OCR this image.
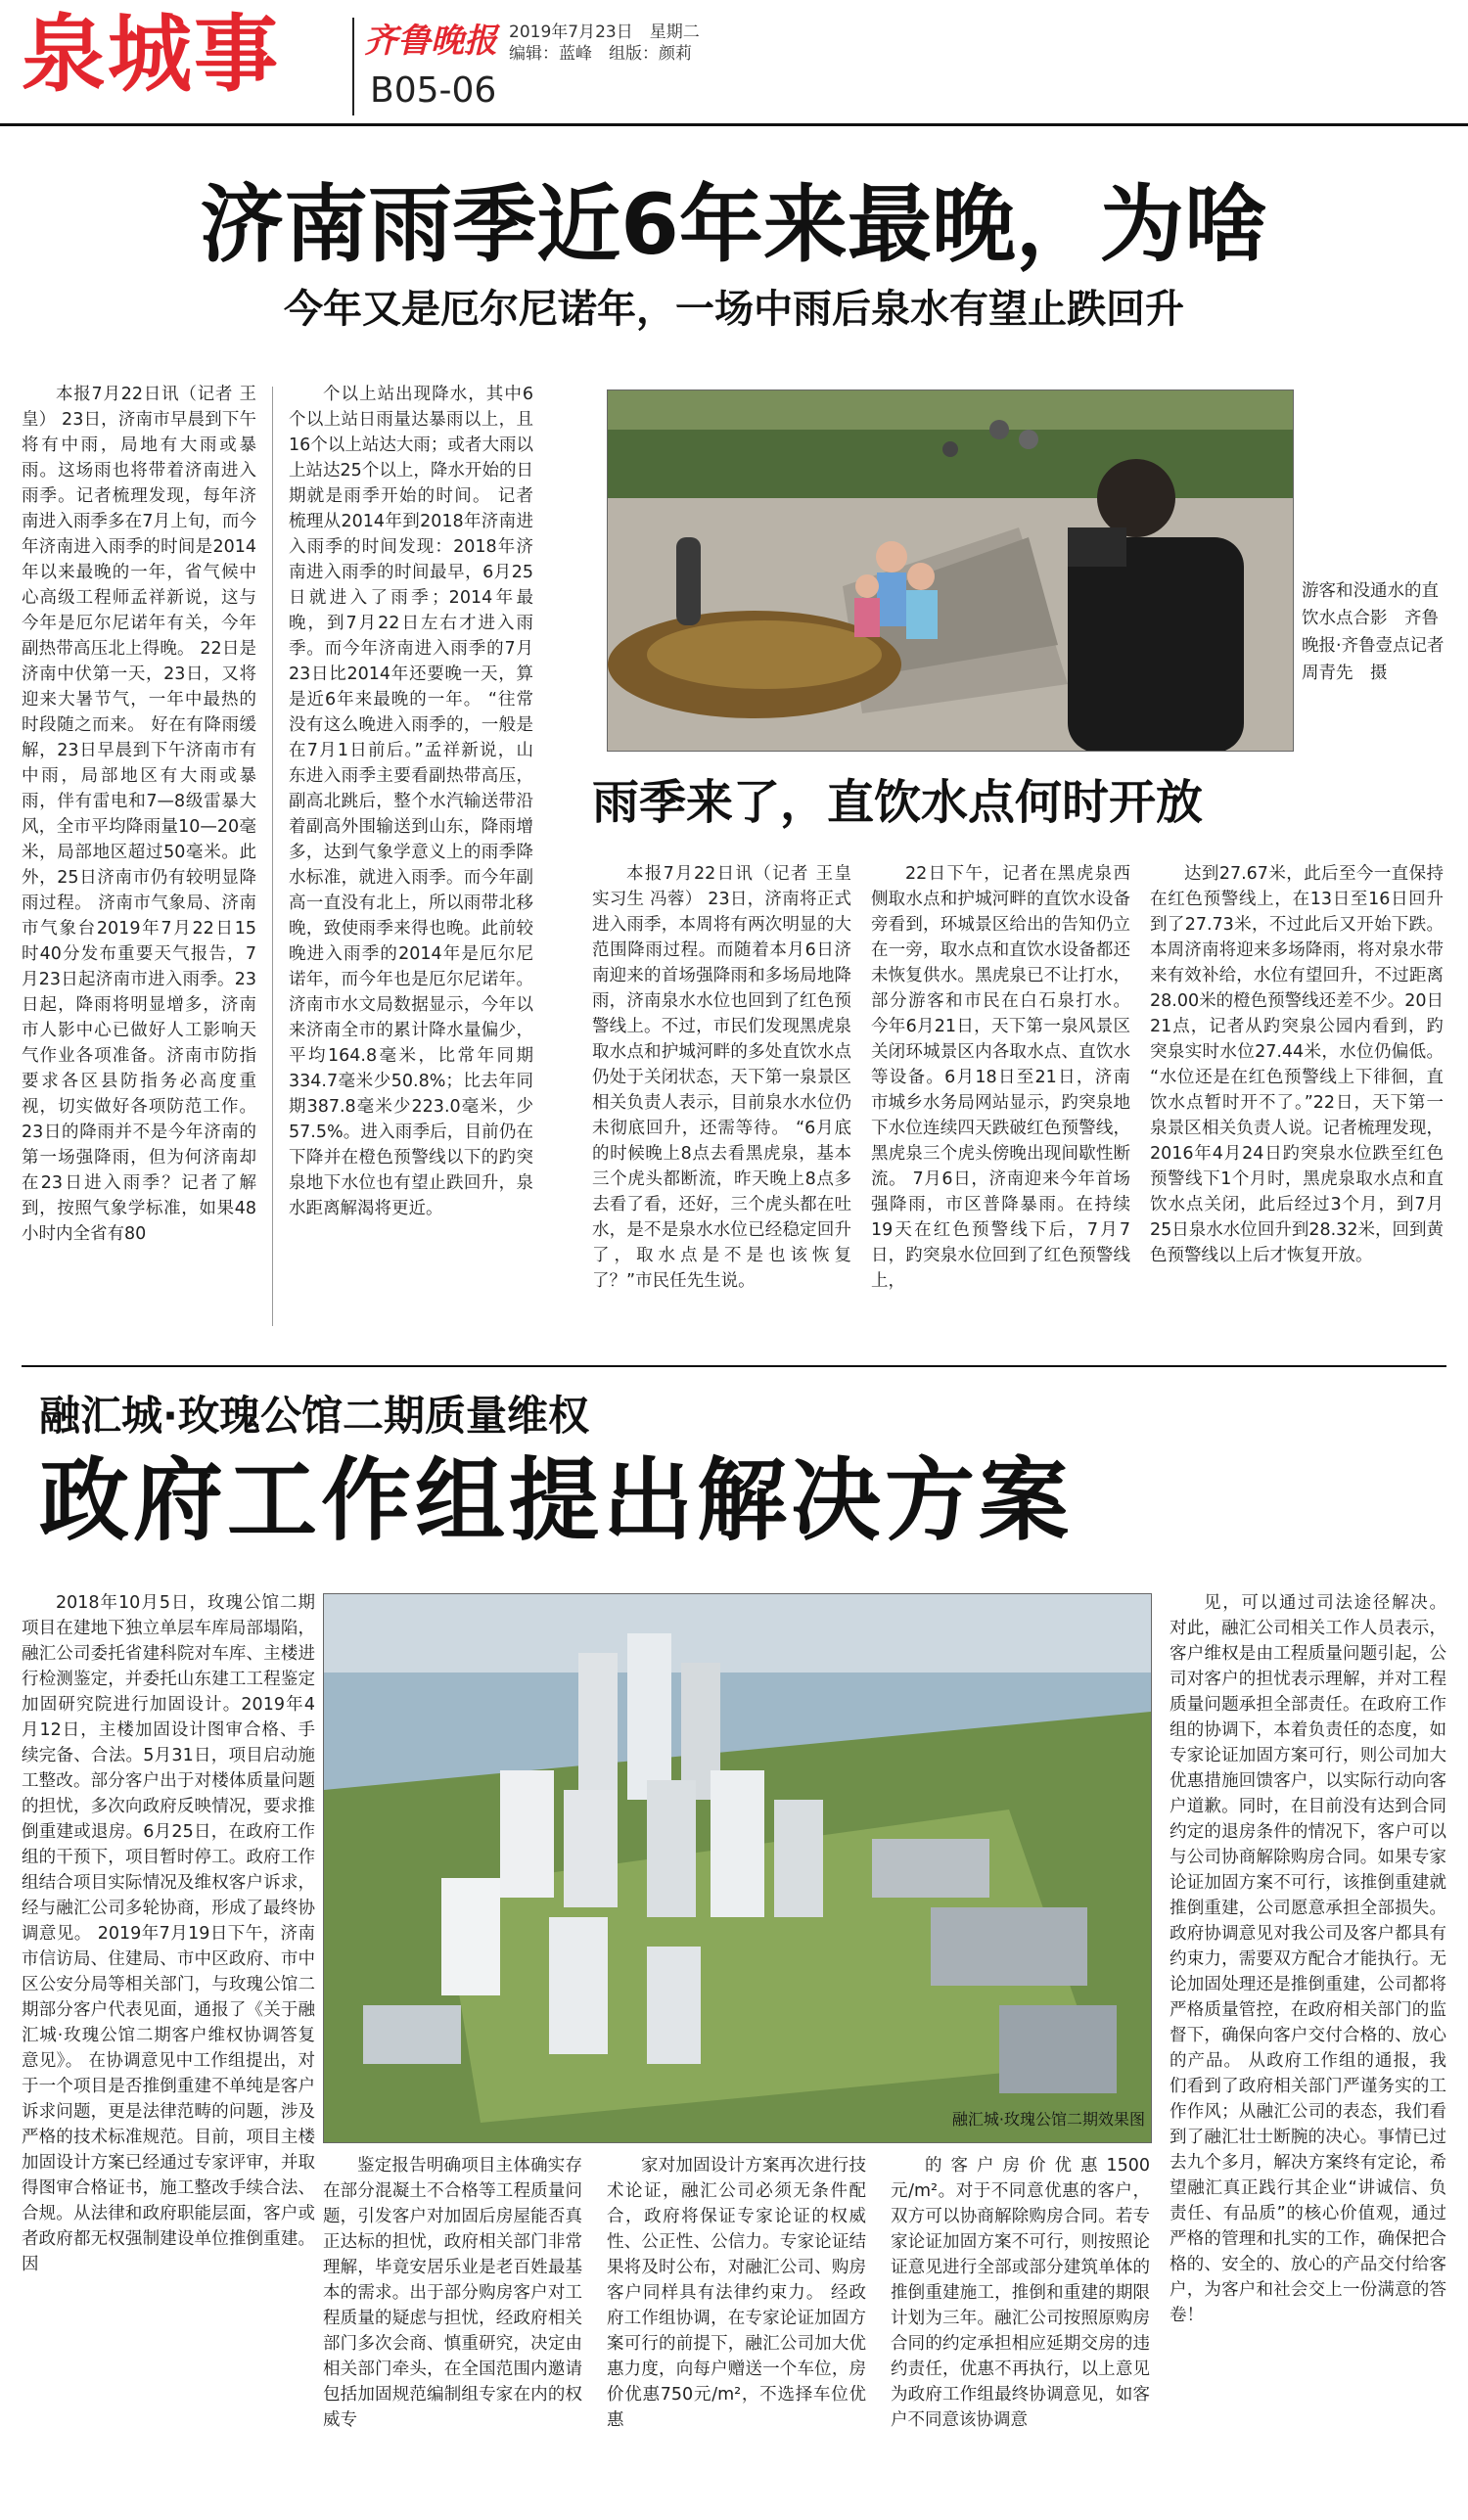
泉城事	齐鲁晚报 2019年7月23日　星期二
编辑：蓝峰　组版：颜莉
B05-06
济南雨季近6年来最晚，为啥
今年又是厄尔尼诺年，一场中雨后泉水有望止跌回升

本报7月22日讯（记者 王皇） 23日，济南市早晨到下午将有中雨，局地有大雨或暴雨。这场雨也将带着济南进入雨季。记者梳理发现，每年济南进入雨季多在7月上旬，而今年济南进入雨季的时间是2014年以来最晚的一年，省气候中心高级工程师孟祥新说，这与今年是厄尔尼诺年有关，今年副热带高压北上得晚。 22日是济南中伏第一天，23日，又将迎来大暑节气，一年中最热的时段随之而来。 好在有降雨缓解，23日早晨到下午济南市有中雨，局部地区有大雨或暴雨，伴有雷电和7—8级雷暴大风，全市平均降雨量10—20毫米，局部地区超过50毫米。此外，25日济南市仍有较明显降雨过程。 济南市气象局、济南市气象台2019年7月22日15时40分发布重要天气报告，7月23日起济南市进入雨季。23日起，降雨将明显增多，济南市人影中心已做好人工影响天气作业各项准备。济南市防指要求各区县防指务必高度重视，切实做好各项防范工作。 23日的降雨并不是今年济南的第一场强降雨，但为何济南却在23日进入雨季？记者了解到，按照气象学标准，如果48小时内全省有80

个以上站出现降水，其中6个以上站日雨量达暴雨以上，且16个以上站达大雨；或者大雨以上站达25个以上，降水开始的日期就是雨季开始的时间。 记者梳理从2014年到2018年济南进入雨季的时间发现：2018年济南进入雨季的时间最早，6月25日就进入了雨季；2014年最晚，到7月22日左右才进入雨季。而今年济南进入雨季的7月23日比2014年还要晚一天，算是近6年来最晚的一年。 “往常没有这么晚进入雨季的，一般是在7月1日前后。”孟祥新说，山东进入雨季主要看副热带高压，副高北跳后，整个水汽输送带沿着副高外围输送到山东，降雨增多，达到气象学意义上的雨季降水标准，就进入雨季。而今年副高一直没有北上，所以雨带北移晚，致使雨季来得也晚。此前较晚进入雨季的2014年是厄尔尼诺年，而今年也是厄尔尼诺年。 济南市水文局数据显示，今年以来济南全市的累计降水量偏少，平均164.8毫米，比常年同期334.7毫米少50.8%；比去年同期387.8毫米少223.0毫米，少57.5%。进入雨季后，目前仍在下降并在橙色预警线以下的趵突泉地下水位也有望止跌回升，泉水距离解渴将更近。

游客和没通水的直饮水点合影　齐鲁晚报·齐鲁壹点记者 周青先　摄
雨季来了，直饮水点何时开放

本报7月22日讯（记者 王皇 实习生 冯蓉） 23日，济南将正式进入雨季，本周将有两次明显的大范围降雨过程。而随着本月6日济南迎来的首场强降雨和多场局地降雨，济南泉水水位也回到了红色预警线上。不过，市民们发现黑虎泉取水点和护城河畔的多处直饮水点仍处于关闭状态，天下第一泉景区相关负责人表示，目前泉水水位仍未彻底回升，还需等待。 “6月底的时候晚上8点去看黑虎泉，基本三个虎头都断流，昨天晚上8点多去看了看，还好，三个虎头都在吐水，是不是泉水水位已经稳定回升了，取水点是不是也该恢复了？”市民任先生说。

22日下午，记者在黑虎泉西侧取水点和护城河畔的直饮水设备旁看到，环城景区给出的告知仍立在一旁，取水点和直饮水设备都还未恢复供水。黑虎泉已不让打水，部分游客和市民在白石泉打水。 今年6月21日，天下第一泉风景区关闭环城景区内各取水点、直饮水等设备。6月18日至21日，济南市城乡水务局网站显示，趵突泉地下水位连续四天跌破红色预警线，黑虎泉三个虎头傍晚出现间歇性断流。 7月6日，济南迎来今年首场强降雨，市区普降暴雨。在持续19天在红色预警线下后，7月7日，趵突泉水位回到了红色预警线上，

达到27.67米，此后至今一直保持在红色预警线上，在13日至16日回升到了27.73米，不过此后又开始下跌。本周济南将迎来多场降雨，将对泉水带来有效补给，水位有望回升，不过距离28.00米的橙色预警线还差不少。20日21点，记者从趵突泉公园内看到，趵突泉实时水位27.44米，水位仍偏低。 “水位还是在红色预警线上下徘徊，直饮水点暂时开不了。”22日，天下第一泉景区相关负责人说。记者梳理发现，2016年4月24日趵突泉水位跌至红色预警线下1个月时，黑虎泉取水点和直饮水点关闭，此后经过3个月，到7月25日泉水水位回升到28.32米，回到黄色预警线以上后才恢复开放。

融汇城·玫瑰公馆二期质量维权
政府工作组提出解决方案

2018年10月5日，玫瑰公馆二期项目在建地下独立单层车库局部塌陷，融汇公司委托省建科院对车库、主楼进行检测鉴定，并委托山东建工工程鉴定加固研究院进行加固设计。2019年4月12日，主楼加固设计图审合格、手续完备、合法。5月31日，项目启动施工整改。部分客户出于对楼体质量问题的担忧，多次向政府反映情况，要求推倒重建或退房。6月25日，在政府工作组的干预下，项目暂时停工。政府工作组结合项目实际情况及维权客户诉求，经与融汇公司多轮协商，形成了最终协调意见。 2019年7月19日下午，济南市信访局、住建局、市中区政府、市中区公安分局等相关部门，与玫瑰公馆二期部分客户代表见面，通报了《关于融汇城·玫瑰公馆二期客户维权协调答复意见》。 在协调意见中工作组提出，对于一个项目是否推倒重建不单纯是客户诉求问题，更是法律范畴的问题，涉及严格的技术标准规范。目前，项目主楼加固设计方案已经通过专家评审，并取得图审合格证书，施工整改手续合法、合规。从法律和政府职能层面，客户或者政府都无权强制建设单位推倒重建。因

融汇城·玫瑰公馆二期效果图

鉴定报告明确项目主体确实存在部分混凝土不合格等工程质量问题，引发客户对加固后房屋能否真正达标的担忧，政府相关部门非常理解，毕竟安居乐业是老百姓最基本的需求。出于部分购房客户对工程质量的疑虑与担忧，经政府相关部门多次会商、慎重研究，决定由相关部门牵头，在全国范围内邀请包括加固规范编制组专家在内的权威专

家对加固设计方案再次进行技术论证，融汇公司必须无条件配合，政府将保证专家论证的权威性、公正性、公信力。专家论证结果将及时公布，对融汇公司、购房客户同样具有法律约束力。 经政府工作组协调，在专家论证加固方案可行的前提下，融汇公司加大优惠力度，向每户赠送一个车位，房价优惠750元/m²，不选择车位优惠

的客户房价优惠1500元/m²。对于不同意优惠的客户，双方可以协商解除购房合同。若专家论证加固方案不可行，则按照论证意见进行全部或部分建筑单体的推倒重建施工，推倒和重建的期限计划为三年。融汇公司按照原购房合同的约定承担相应延期交房的违约责任，优惠不再执行，以上意见为政府工作组最终协调意见，如客户不同意该协调意

见，可以通过司法途径解决。 对此，融汇公司相关工作人员表示，客户维权是由工程质量问题引起，公司对客户的担忧表示理解，并对工程质量问题承担全部责任。在政府工作组的协调下，本着负责任的态度，如专家论证加固方案可行，则公司加大优惠措施回馈客户，以实际行动向客户道歉。同时，在目前没有达到合同约定的退房条件的情况下，客户可以与公司协商解除购房合同。如果专家论证加固方案不可行，该推倒重建就推倒重建，公司愿意承担全部损失。政府协调意见对我公司及客户都具有约束力，需要双方配合才能执行。无论加固处理还是推倒重建，公司都将严格质量管控，在政府相关部门的监督下，确保向客户交付合格的、放心的产品。 从政府工作组的通报，我们看到了政府相关部门严谨务实的工作作风；从融汇公司的表态，我们看到了融汇壮士断腕的决心。事情已过去九个多月，解决方案终有定论，希望融汇真正践行其企业“讲诚信、负责任、有品质”的核心价值观，通过严格的管理和扎实的工作，确保把合格的、安全的、放心的产品交付给客户，为客户和社会交上一份满意的答卷！
